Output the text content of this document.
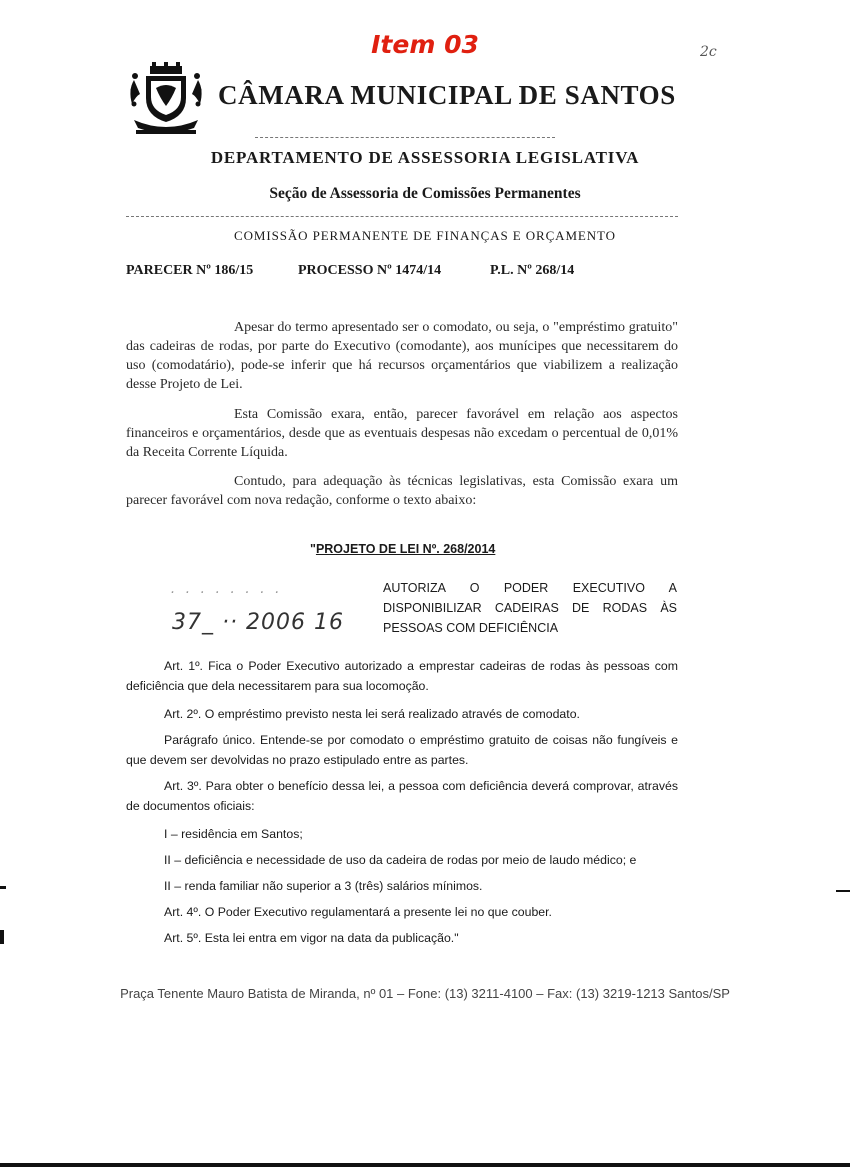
Item 03	2c
CÂMARA MUNICIPAL DE SANTOS
DEPARTAMENTO DE ASSESSORIA LEGISLATIVA
Seção de Assessoria de Comissões Permanentes
COMISSÃO PERMANENTE DE FINANÇAS E ORÇAMENTO
PARECER Nº 186/15	PROCESSO Nº 1474/14	P.L. Nº 268/14

Apesar do termo apresentado ser o comodato, ou seja, o "empréstimo gratuito" das cadeiras de rodas, por parte do Executivo (comodante), aos munícipes que necessitarem do uso (comodatário), pode-se inferir que há recursos orçamentários que viabilizem a realização desse Projeto de Lei.

Esta Comissão exara, então, parecer favorável em relação aos aspectos financeiros e orçamentários, desde que as eventuais despesas não excedam o percentual de 0,01% da Receita Corrente Líquida.

Contudo, para adequação às técnicas legislativas, esta Comissão exara um parecer favorável com nova redação, conforme o texto abaixo:

"PROJETO DE LEI Nº. 268/2014
· · · · · · · ·
37_ ·· 2006 16
AUTORIZA O PODER EXECUTIVO A
DISPONIBILIZAR CADEIRAS DE RODAS ÀS
PESSOAS COM DEFICIÊNCIA

Art. 1º. Fica o Poder Executivo autorizado a emprestar cadeiras de rodas às pessoas com deficiência que dela necessitarem para sua locomoção.

Art. 2º. O empréstimo previsto nesta lei será realizado através de comodato.

Parágrafo único. Entende-se por comodato o empréstimo gratuito de coisas não fungíveis e que devem ser devolvidas no prazo estipulado entre as partes.

Art. 3º. Para obter o benefício dessa lei, a pessoa com deficiência deverá comprovar, através de documentos oficiais:

I – residência em Santos;

II – deficiência e necessidade de uso da cadeira de rodas por meio de laudo médico; e

II – renda familiar não superior a 3 (três) salários mínimos.

Art. 4º. O Poder Executivo regulamentará a presente lei no que couber.

Art. 5º. Esta lei entra em vigor na data da publicação."

Praça Tenente Mauro Batista de Miranda, nº 01 – Fone: (13) 3211-4100 – Fax: (13) 3219-1213 Santos/SP
